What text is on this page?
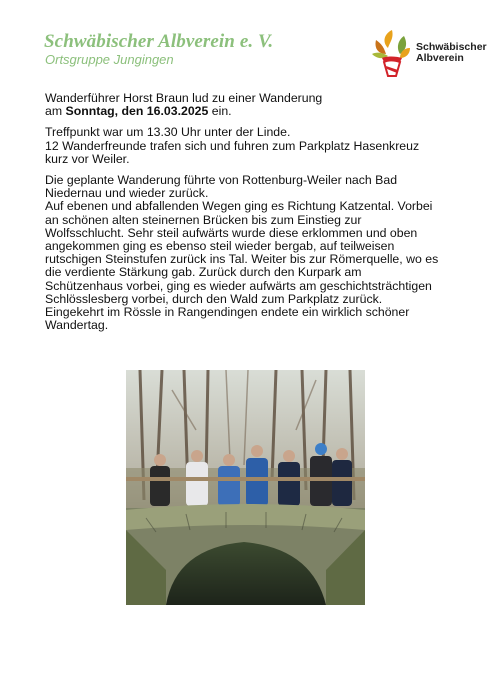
Schwäbischer Albverein e. V.
Ortsgruppe Jungingen
Schwäbischer
Albverein

Wanderführer Horst Braun lud zu einer Wanderung
am Sonntag, den 16.03.2025 ein.

Treffpunkt war um 13.30 Uhr unter der Linde.
12 Wanderfreunde trafen sich und fuhren zum Parkplatz Hasenkreuz
kurz vor Weiler.

Die geplante Wanderung führte von Rottenburg-Weiler nach Bad
Niedernau und wieder zurück.
Auf ebenen und abfallenden Wegen ging es Richtung Katzental. Vorbei
an schönen alten steinernen Brücken bis zum Einstieg zur
Wolfsschlucht. Sehr steil aufwärts wurde diese erklommen und oben
angekommen ging es ebenso steil wieder bergab, auf teilweisen
rutschigen Steinstufen zurück ins Tal. Weiter bis zur Römerquelle, wo es
die verdiente Stärkung gab. Zurück durch den Kurpark am
Schützenhaus vorbei, ging es wieder aufwärts am geschichtsträchtigen
Schlösslesberg vorbei, durch den Wald zum Parkplatz zurück.
Eingekehrt im Rössle in Rangendingen endete ein wirklich schöner
Wandertag.
